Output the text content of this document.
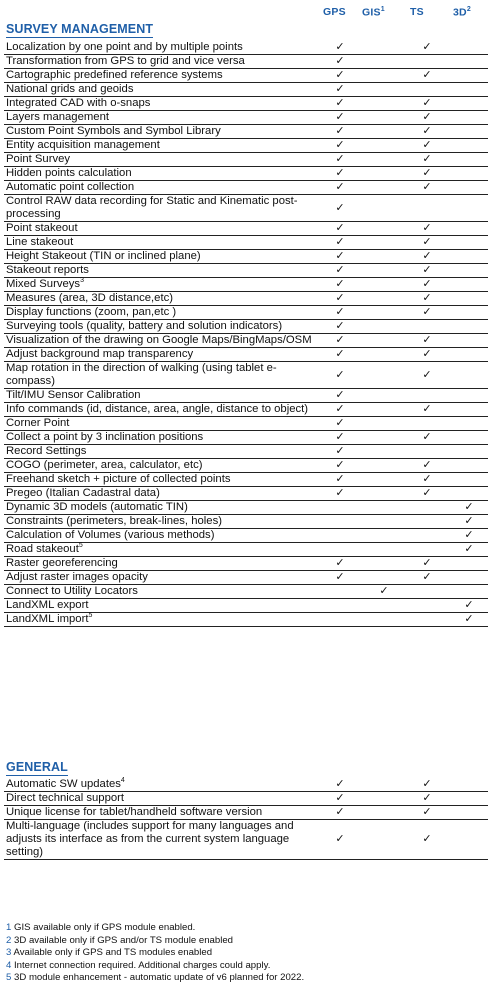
GPS GIS$^1$ TS	$3D^2$
SURVEY MANAGEMENT
Localization by one point and by multiple points	✓		✓	
Transformation from GPS to grid and vice versa	✓			
Cartographic predefined reference systems	✓		✓	
National grids and geoids	✓			
Integrated CAD with o-snaps	✓		✓	
Layers management	✓		✓	
Custom Point Symbols and Symbol Library	✓		✓	
Entity acquisition management	✓		✓	
Point Survey	✓		✓	
Hidden points calculation	✓		✓	
Automatic point collection	✓		✓	
Control RAW data recording for Static and Kinematic post-processing	✓			
Point stakeout	✓		✓	
Line stakeout	✓		✓	
Height Stakeout (TIN or inclined plane)	✓		✓	
Stakeout reports	✓		✓	
Mixed Surveys$^3$	✓		✓	
Measures (area, 3D distance,etc)	✓		✓	
Display functions (zoom, pan,etc )	✓		✓	
Surveying tools (quality, battery and solution indicators)	✓			
Visualization of the drawing on Google Maps/BingMaps/OSM	✓		✓	
Adjust background map transparency	✓		✓	
Map rotation in the direction of walking (using tablet e-compass)	✓		✓	
Tilt/IMU Sensor Calibration	✓			
Info commands (id, distance, area, angle, distance to object)	✓		✓	
Corner Point	✓			
Collect a point by 3 inclination positions	✓		✓	
Record Settings	✓			
COGO (perimeter, area, calculator, etc)	✓		✓	
Freehand sketch + picture of collected points	✓		✓	
Pregeo (Italian Cadastral data)	✓		✓	
Dynamic 3D models (automatic TIN)				✓
Constraints (perimeters, break-lines, holes)				✓
Calculation of Volumes (various methods)				✓
Road stakeout$^5$				✓
Raster georeferencing	✓		✓	
Adjust raster images opacity	✓		✓	
Connect to Utility Locators		✓		
LandXML export				✓
LandXML import$^5$				✓
GENERAL
Automatic SW updates$^4$	✓		✓	
Direct technical support	✓		✓	
Unique license for tablet/handheld software version	✓		✓	
Multi-language (includes support for many languages and adjusts its interface as from the current system language setting)	✓		✓	
1 GIS available only if GPS module enabled.
2 3D available only if GPS and/or TS module enabled
3 Available only if GPS and TS modules enabled
4 Internet connection required. Additional charges could apply.
5 3D module enhancement - automatic update of v6 planned for 2022.
